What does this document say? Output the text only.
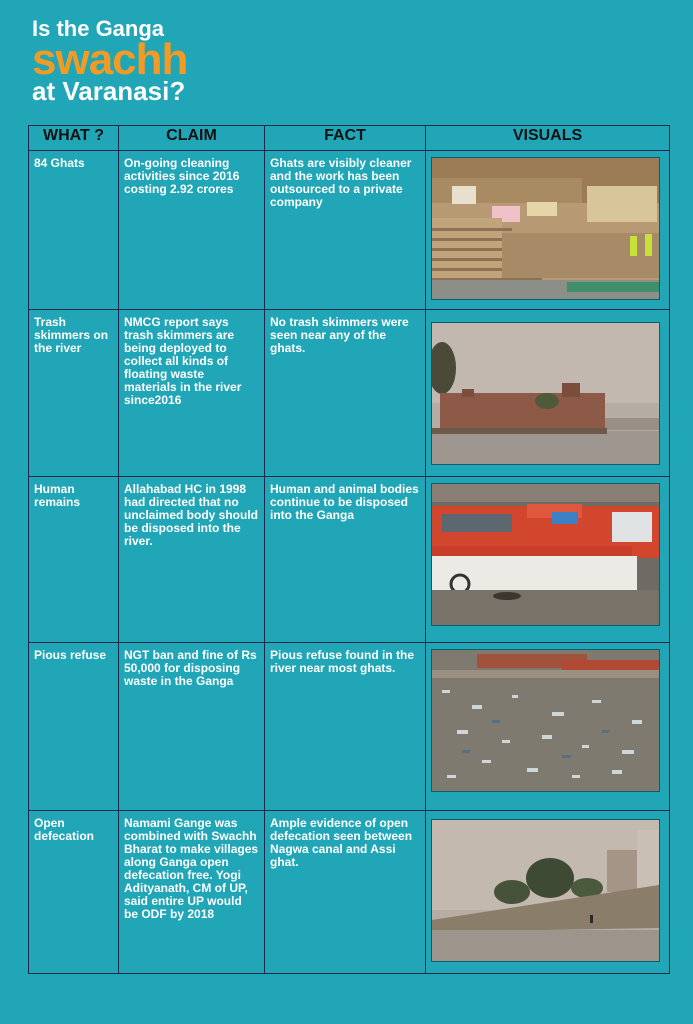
Is the Ganga
swachh
at Varanasi?
WHAT ?	CLAIM	FACT	VISUALS
84 Ghats	On-going cleaning activities since 2016 costing 2.92 crores	Ghats are visibly cleaner and the work has been outsourced to a private company	

Trash skimmers on the river	NMCG report says trash skimmers are being deployed to collect all kinds of floating waste materials in the river since2016	No trash skimmers were seen near any of the ghats.	

Human remains	Allahabad HC in 1998 had directed that no unclaimed body should be disposed into the river.	Human and animal bodies continue to be disposed into the Ganga	

Pious refuse	NGT ban and fine of Rs 50,000 for disposing waste in the Ganga	Pious refuse found in the river near most ghats.	

Open defecation	Namami Gange was combined with Swachh Bharat to make villages along Ganga open defecation free. Yogi Adityanath, CM of UP, said entire UP would be ODF by 2018	Ample evidence of open defecation seen between Nagwa canal and Assi ghat.	
